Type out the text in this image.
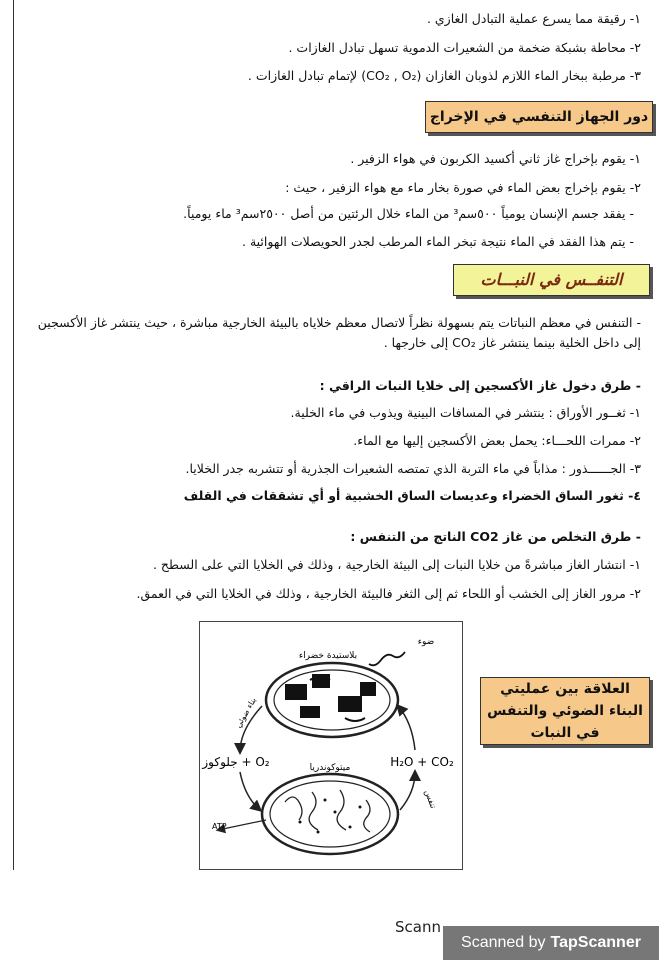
١- رقيقة مما يسرع عملية التبادل الغازي .
٢- محاطة بشبكة ضخمة من الشعيرات الدموية تسهل تبادل الغازات .
٣- مرطبة ببخار الماء اللازم لذوبان الغازان (CO₂ , O₂) لإتمام تبادل الغازات .
دور الجهاز التنفسي في الإخراج
١- يقوم بإخراج غاز ثاني أكسيد الكربون في هواء الزفير .
٢- يقوم بإخراج بعض الماء في صورة بخار ماء مع هواء الزفير ، حيث :
- يفقد جسم الإنسان يومياً ٥٠٠سم³ من الماء خلال الرئتين من أصل ٢٥٠٠سم³ ماء يومياً.
- يتم هذا الفقد في الماء نتيجة تبخر الماء المرطب لجدر الحويصلات الهوائية .
التنفــس في النبـــات
- التنفس في معظم النباتات يتم بسهولة نظراً لاتصال معظم خلاياه بالبيئة الخارجية مباشرة ، حيث ينتشر غاز الأكسجين إلى داخل الخلية بينما ينتشر غاز CO₂ إلى خارجها .
- طرق دخول غاز الأكسجين إلى خلايا النبات الراقي :
١- ثغــور الأوراق : ينتشر في المسافات البينية ويذوب في ماء الخلية.
٢- ممرات اللحـــاء: يحمل بعض الأكسجين إليها مع الماء.
٣- الجــــــذور : مذاباً في ماء التربة الذي تمتصه الشعيرات الجذرية أو تتشربه جدر الخلايا.
٤- ثغور الساق الخضراء وعديسات الساق الخشبية أو أي تشققات في القلف
- طرق التخلص من غاز CO2 الناتج من التنفس :
١- انتشار الغاز مباشرةً من خلايا النبات إلى البيئة الخارجية ، وذلك في الخلايا التي على السطح .
٢- مرور الغاز إلى الخشب أو اللحاء ثم إلى الثغر فالبيئة الخارجية ، وذلك في الخلايا التي في العمق.
ضوء
بلاستيدة خضراء
ميتوكوندريا
O₂ + جلوكوز	H₂O + CO₂
بناء ضوئي
تنفس
ATP
العلاقة بين عمليتي البناء الضوئي والتنفس في النبات
Scann
Scanned by TapScanner
